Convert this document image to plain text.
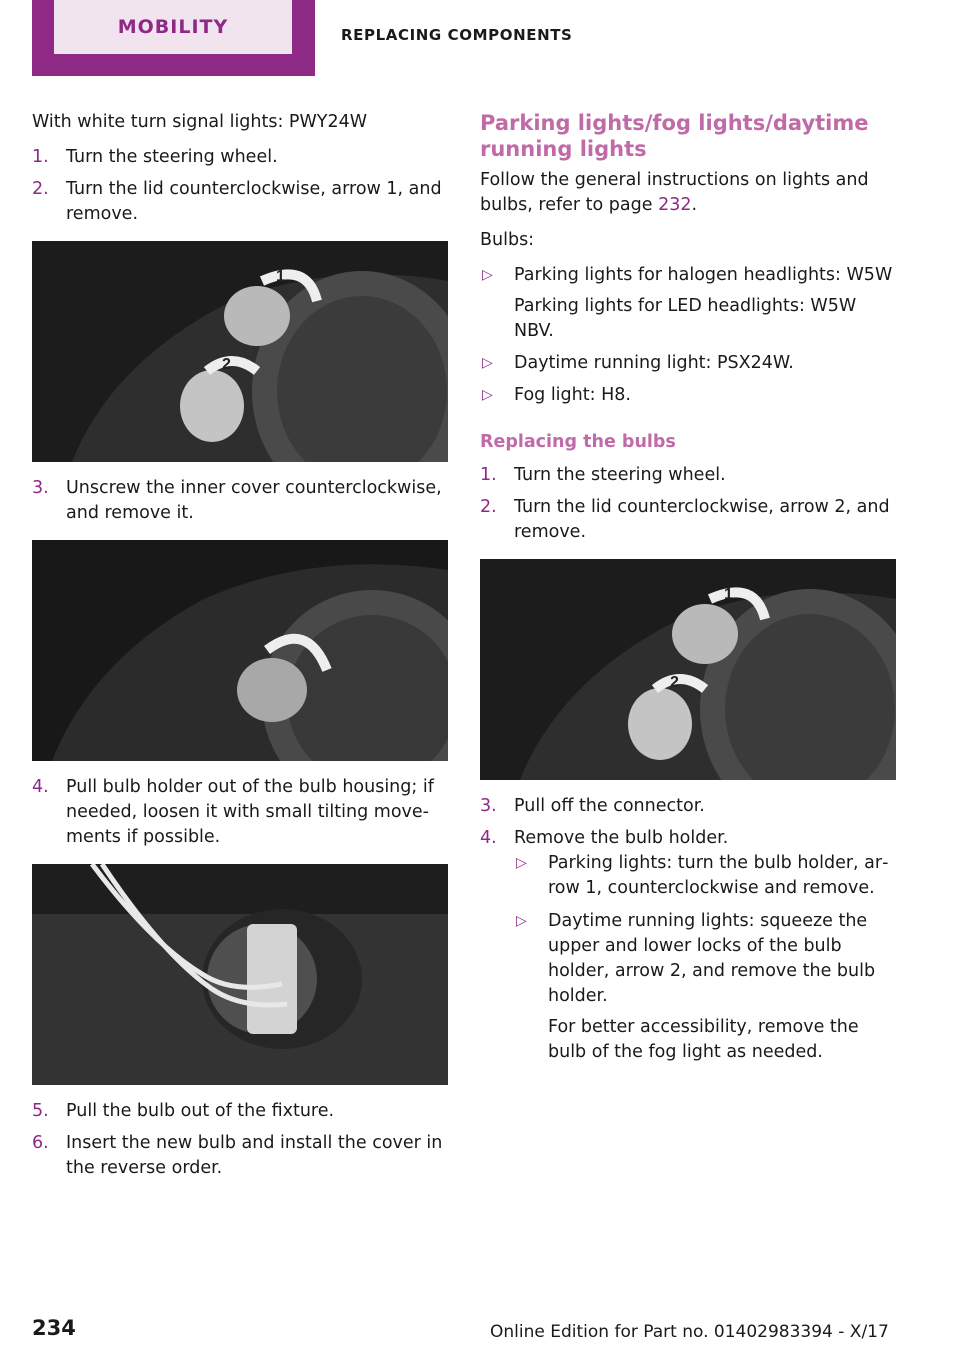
MOBILITY	REPLACING COMPONENTS

With white turn signal lights: PWY24W

1. Turn the steering wheel.
2. Turn the lid counterclockwise, arrow 1, and remove.
1
2
3. Unscrew the inner cover counterclockwise, and remove it.
4. Pull bulb holder out of the bulb housing; if needed, loosen it with small tilting move‐ments if possible.
5. Pull the bulb out of the fixture.
6. Insert the new bulb and install the cover in the reverse order.
Parking lights/fog lights/daytime running lights

Follow the general instructions on lights and bulbs, refer to page 232.

Bulbs:

▷ Parking lights for halogen headlights: W5W
Parking lights for LED headlights: W5W NBV.
▷ Daytime running light: PSX24W.
▷ Fog light: H8.
Replacing the bulbs
1. Turn the steering wheel.
2. Turn the lid counterclockwise, arrow 2, and remove.
1
2
3. Pull off the connector.
4. Remove the bulb holder.
▷ Parking lights: turn the bulb holder, ar‐row 1, counterclockwise and remove.
▷ Daytime running lights: squeeze the upper and lower locks of the bulb holder, arrow 2, and remove the bulb holder.
For better accessibility, remove the bulb of the fog light as needed.
234	Online Edition for Part no. 01402983394 - X/17
